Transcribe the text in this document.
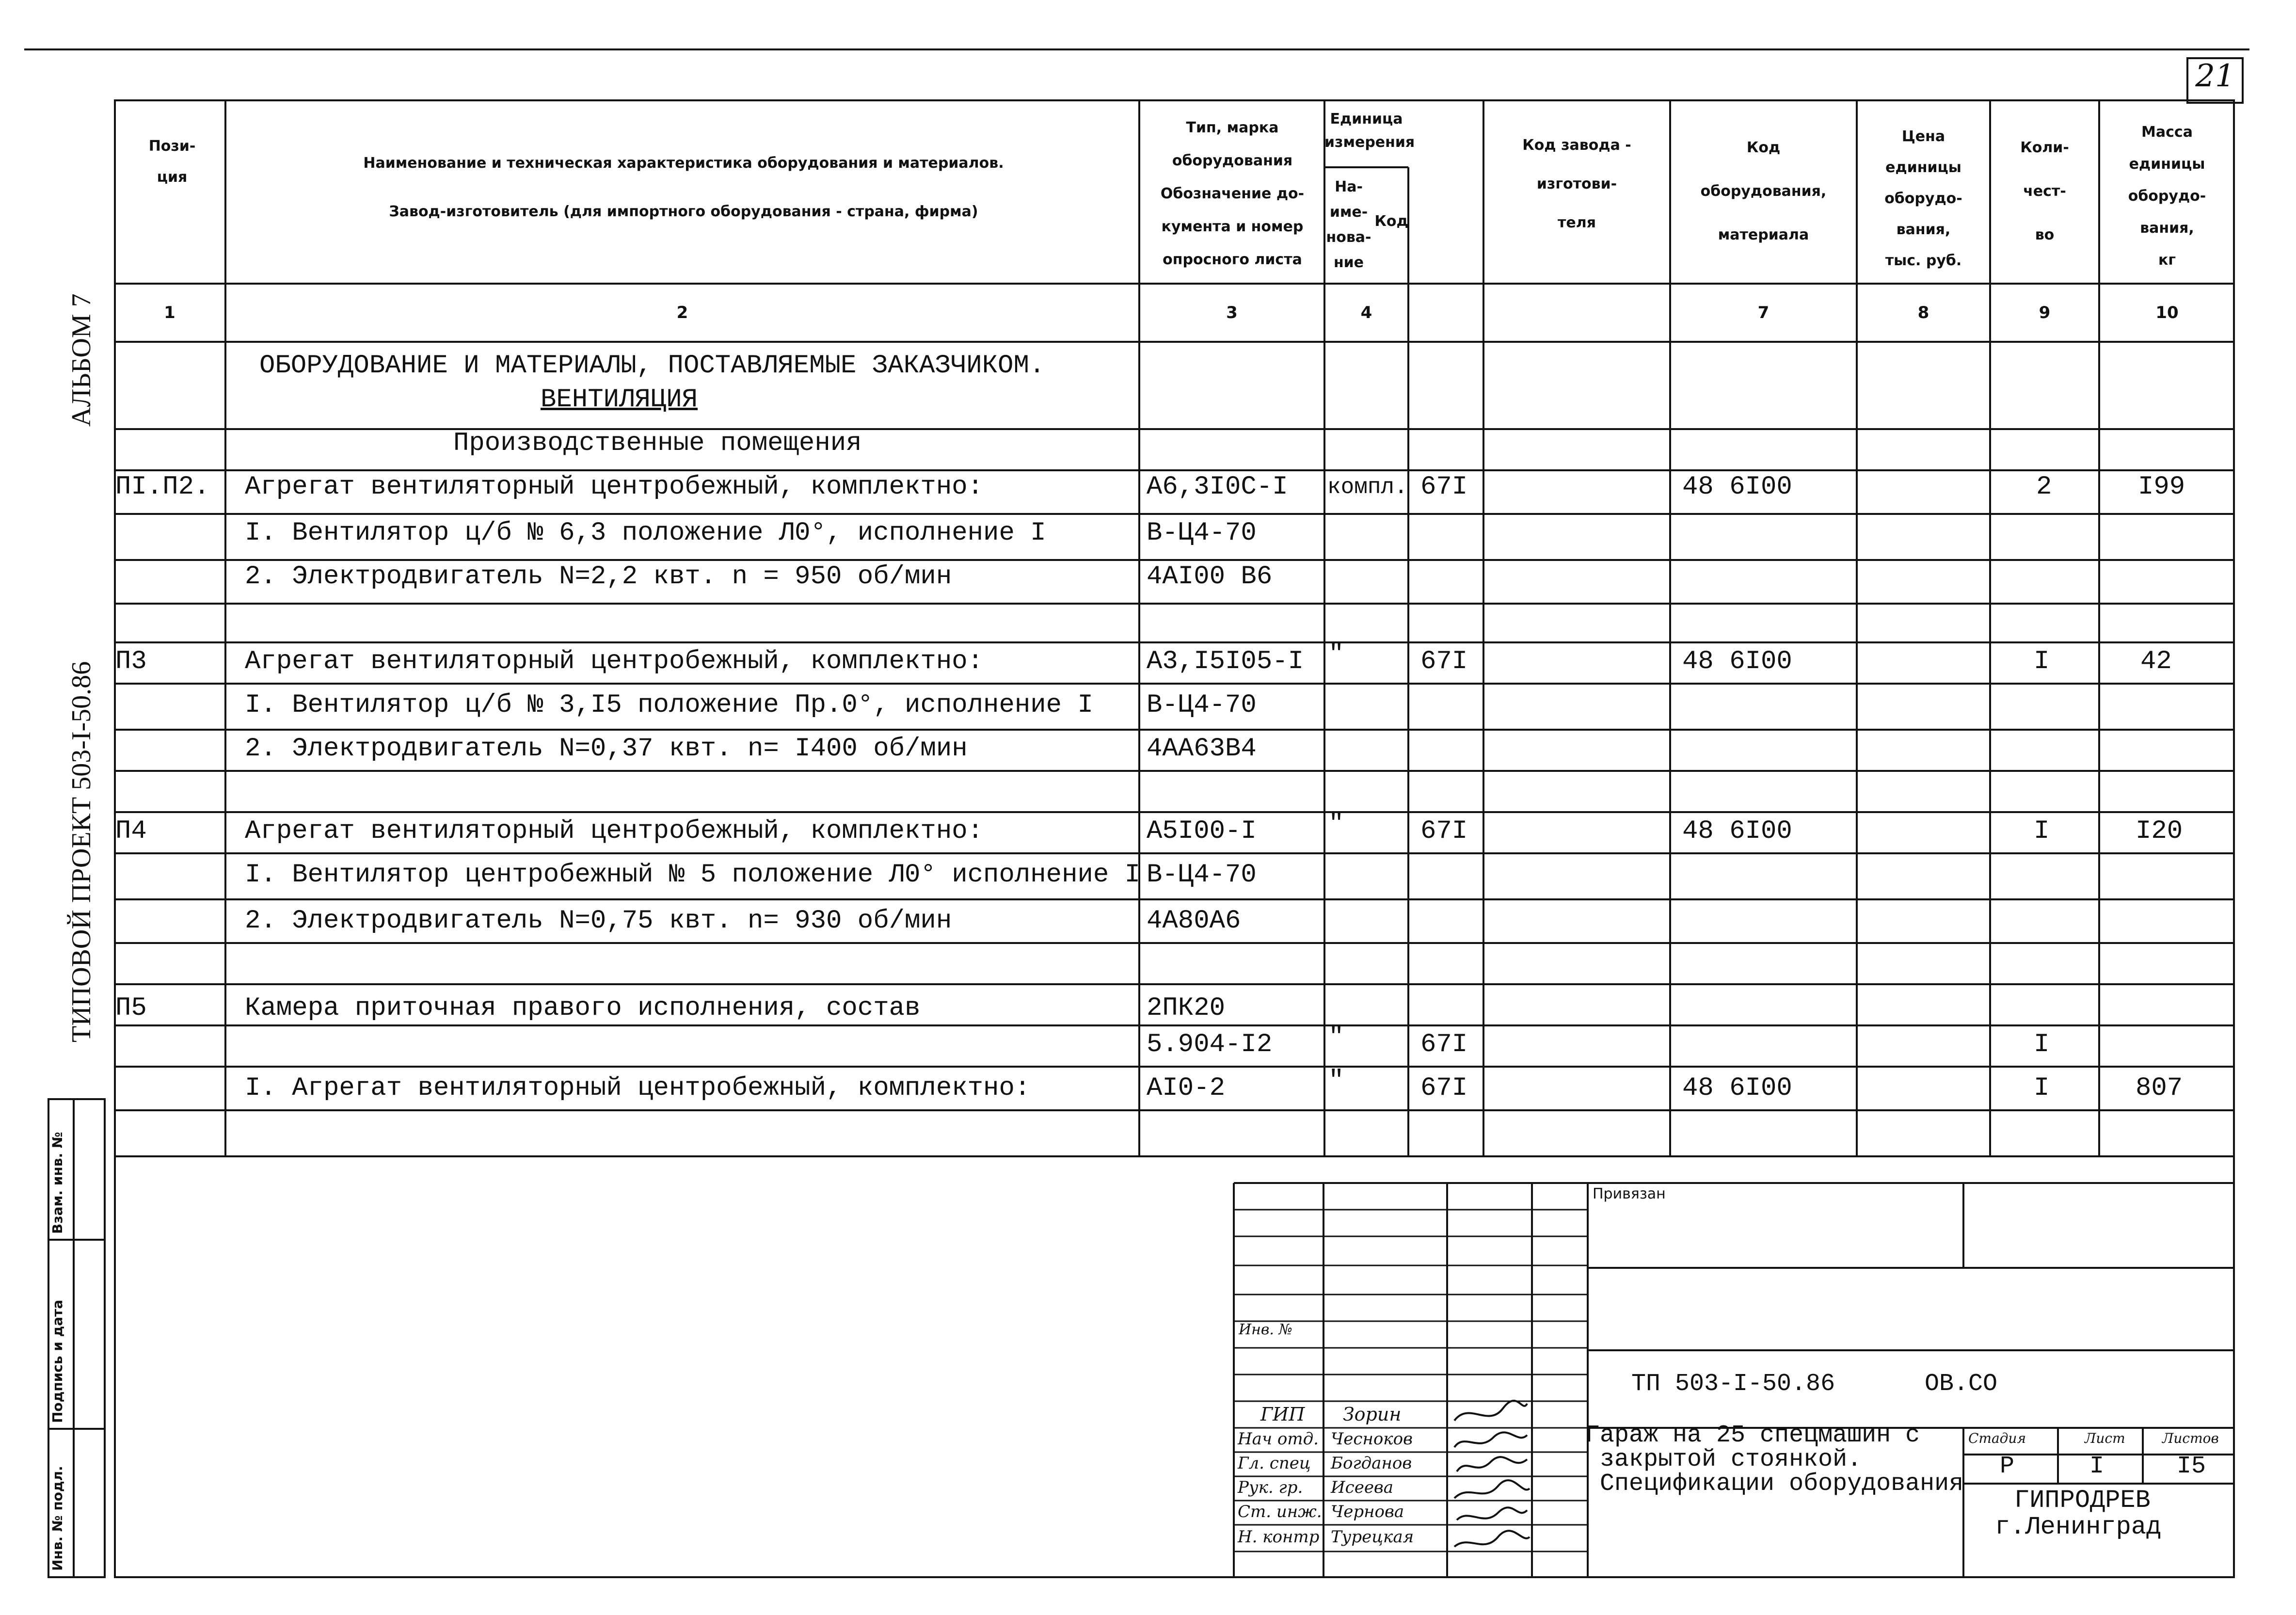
21
АЛЬБОМ 7
ТИПОВОЙ ПРОЕКТ 503-I-50.86
Инв. № подл.
Подпись и дата
Взам. инв. №
Пози-
ция
Наименование и техническая характеристика оборудования и материалов.
Завод-изготовитель (для импортного оборудования - страна, фирма)
Тип, марка
оборудования
Обозначение до-
кумента и номер
опросного листа
Единица
измерения
На-
име-
нова-
ние
Код
Код завода -
изготови-
теля
Код
оборудования,
материала
Цена
единицы
оборудо-
вания,
тыс. руб.
Коли-
чест-
во
Масса
единицы
оборудо-
вания,
кг
1	2	3	4	7	8	9	10
ОБОРУДОВАНИЕ И МАТЕРИАЛЫ, ПОСТАВЛЯЕМЫЕ ЗАКАЗЧИКОМ.
ВЕНТИЛЯЦИЯ
Производственные помещения
ПI.П2. Агрегат вентиляторный центробежный, комплектно:	А6,3I0С-I компл. 67I	48 6I00	2	I99
I. Вентилятор ц/б № 6,3 положение Л0°, исполнение I	В-Ц4-70
2. Электродвигатель N=2,2 квт. n = 950 об/мин	4АI00 В6
П3	Агрегат вентиляторный центробежный, комплектно:	А3,I5I05-I "	67I	48 6I00	I	42
I. Вентилятор ц/б № 3,I5 положение Пр.0°, исполнение I В-Ц4-70
2. Электродвигатель N=0,37 квт. n= I400 об/мин	4АА63В4
П4	Агрегат вентиляторный центробежный, комплектно:	А5I00-I	"	67I	48 6I00	I	I20
I. Вентилятор центробежный № 5 положение Л0° исполнение I В-Ц4-70
2. Электродвигатель N=0,75 квт. n= 930 об/мин	4А80А6
П5	Камера приточная правого исполнения, состав	2ПК20
5.904-I2 "	67I	I
I. Агрегат вентиляторный центробежный, комплектно:	АI0-2	"	67I	48 6I00	I	807
Привязан
Инв. №
ТП 503-I-50.86	ОВ.СО
ГИП Зорин
Нач отд. Чесноков
Гл. спец Богданов
Рук. гр. Исеева
Ст. инж. Чернова
Н. контр Турецкая
Гараж на 25 спецмашин с
закрытой стоянкой.
Спецификации оборудования
Стадия	Лист	Листов
Р	I	I5
ГИПРОДРЕВ
г.Ленинград
